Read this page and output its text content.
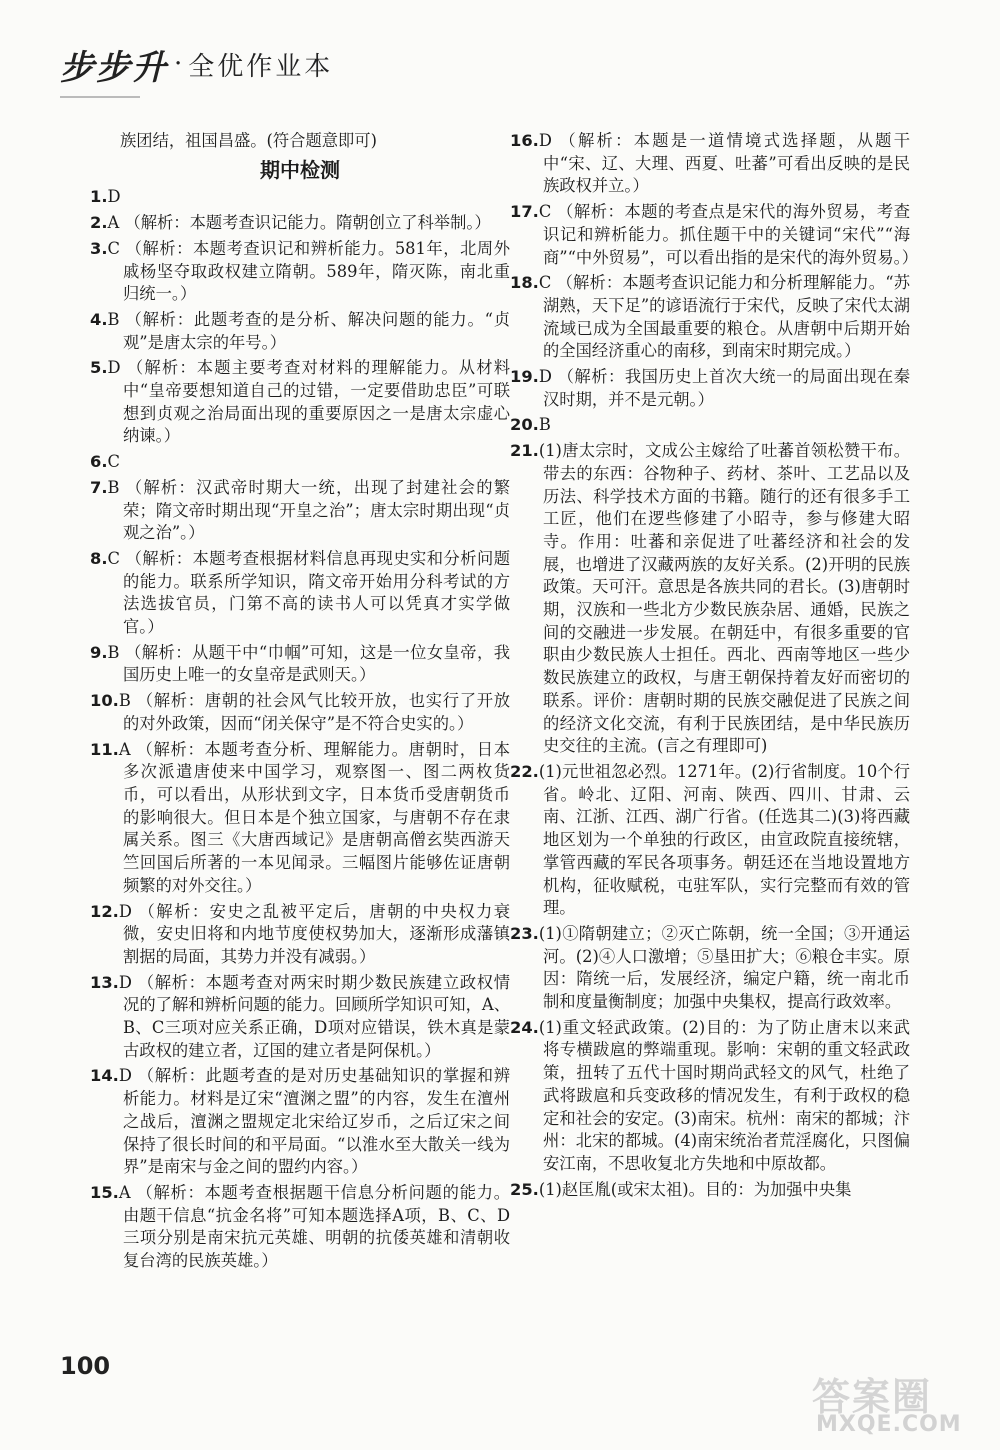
步步升 · 全优作业本
族团结，祖国昌盛。(符合题意即可)
期中检测
1.D
2.A （解析：本题考查识记能力。隋朝创立了科举制。）
3.C （解析：本题考查识记和辨析能力。581年，北周外戚杨坚夺取政权建立隋朝。589年，隋灭陈，南北重归统一。）
4.B （解析：此题考查的是分析、解决问题的能力。“贞观”是唐太宗的年号。）
5.D （解析：本题主要考查对材料的理解能力。从材料中“皇帝要想知道自己的过错，一定要借助忠臣”可联想到贞观之治局面出现的重要原因之一是唐太宗虚心纳谏。）
6.C
7.B （解析：汉武帝时期大一统，出现了封建社会的繁荣；隋文帝时期出现“开皇之治”；唐太宗时期出现“贞观之治”。）
8.C （解析：本题考查根据材料信息再现史实和分析问题的能力。联系所学知识，隋文帝开始用分科考试的方法选拔官员，门第不高的读书人可以凭真才实学做官。）
9.B （解析：从题干中“巾帼”可知，这是一位女皇帝，我国历史上唯一的女皇帝是武则天。）
10.B （解析：唐朝的社会风气比较开放，也实行了开放的对外政策，因而“闭关保守”是不符合史实的。）
11.A （解析：本题考查分析、理解能力。唐朝时，日本多次派遣唐使来中国学习，观察图一、图二两枚货币，可以看出，从形状到文字，日本货币受唐朝货币的影响很大。但日本是个独立国家，与唐朝不存在隶属关系。图三《大唐西域记》是唐朝高僧玄奘西游天竺回国后所著的一本见闻录。三幅图片能够佐证唐朝频繁的对外交往。）
12.D （解析：安史之乱被平定后，唐朝的中央权力衰微，安史旧将和内地节度使权势加大，逐渐形成藩镇割据的局面，其势力并没有减弱。）
13.D （解析：本题考查对两宋时期少数民族建立政权情况的了解和辨析问题的能力。回顾所学知识可知，A、B、C三项对应关系正确，D项对应错误，铁木真是蒙古政权的建立者，辽国的建立者是阿保机。）
14.D （解析：此题考查的是对历史基础知识的掌握和辨析能力。材料是辽宋“澶渊之盟”的内容，发生在澶州之战后，澶渊之盟规定北宋给辽岁币，之后辽宋之间保持了很长时间的和平局面。“以淮水至大散关一线为界”是南宋与金之间的盟约内容。）
15.A （解析：本题考查根据题干信息分析问题的能力。由题干信息“抗金名将”可知本题选择A项，B、C、D三项分别是南宋抗元英雄、明朝的抗倭英雄和清朝收复台湾的民族英雄。）
16.D （解析：本题是一道情境式选择题，从题干中“宋、辽、大理、西夏、吐蕃”可看出反映的是民族政权并立。）
17.C （解析：本题的考查点是宋代的海外贸易，考查识记和辨析能力。抓住题干中的关键词“宋代”“海商”“中外贸易”，可以看出指的是宋代的海外贸易。）
18.C （解析：本题考查识记能力和分析理解能力。“苏湖熟，天下足”的谚语流行于宋代，反映了宋代太湖流域已成为全国最重要的粮仓。从唐朝中后期开始的全国经济重心的南移，到南宋时期完成。）
19.D （解析：我国历史上首次大统一的局面出现在秦汉时期，并不是元朝。）
20.B
21.(1)唐太宗时，文成公主嫁给了吐蕃首领松赞干布。带去的东西：谷物种子、药材、茶叶、工艺品以及历法、科学技术方面的书籍。随行的还有很多手工工匠，他们在逻些修建了小昭寺，参与修建大昭寺。作用：吐蕃和亲促进了吐蕃经济和社会的发展，也增进了汉藏两族的友好关系。(2)开明的民族政策。天可汗。意思是各族共同的君长。(3)唐朝时期，汉族和一些北方少数民族杂居、通婚，民族之间的交融进一步发展。在朝廷中，有很多重要的官职由少数民族人士担任。西北、西南等地区一些少数民族建立的政权，与唐王朝保持着友好而密切的联系。评价：唐朝时期的民族交融促进了民族之间的经济文化交流，有利于民族团结，是中华民族历史交往的主流。(言之有理即可)
22.(1)元世祖忽必烈。1271年。(2)行省制度。10个行省。岭北、辽阳、河南、陕西、四川、甘肃、云南、江浙、江西、湖广行省。(任选其二)(3)将西藏地区划为一个单独的行政区，由宣政院直接统辖，掌管西藏的军民各项事务。朝廷还在当地设置地方机构，征收赋税，屯驻军队，实行完整而有效的管理。
23.(1)①隋朝建立；②灭亡陈朝，统一全国；③开通运河。(2)④人口激增；⑤垦田扩大；⑥粮仓丰实。原因：隋统一后，发展经济，编定户籍，统一南北币制和度量衡制度；加强中央集权，提高行政效率。
24.(1)重文轻武政策。(2)目的：为了防止唐末以来武将专横跋扈的弊端重现。影响：宋朝的重文轻武政策，扭转了五代十国时期尚武轻文的风气，杜绝了武将跋扈和兵变政移的情况发生，有利于政权的稳定和社会的安定。(3)南宋。杭州：南宋的都城；汴州：北宋的都城。(4)南宋统治者荒淫腐化，只图偏安江南，不思收复北方失地和中原故都。
25.(1)赵匡胤(或宋太祖)。目的：为加强中央集
100
答案圈
MXQE.COM
